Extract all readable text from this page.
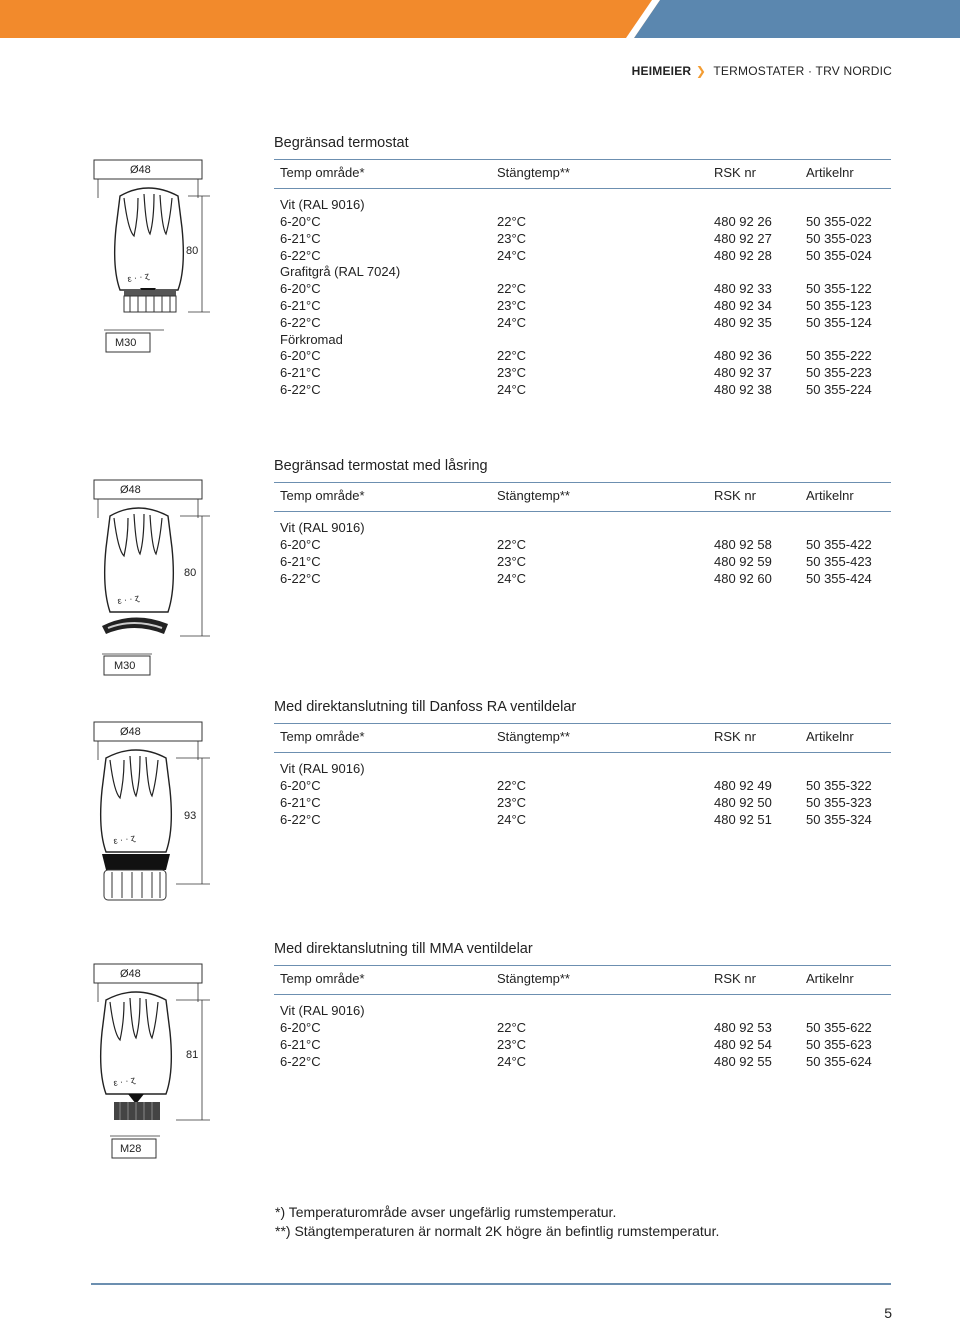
HEIMEIER ❯ TERMOSTATER · TRV NORDIC
Ø48
ε · · ɀ
80
M30
Begränsad termostat
Temp område*	Stängtemp**	RSK nr	Artikelnr

Vit (RAL 9016)			
6-20°C	22°C	480 92 26	50 355-022
6-21°C	23°C	480 92 27	50 355-023
6-22°C	24°C	480 92 28	50 355-024
Grafitgrå (RAL 7024)			
6-20°C	22°C	480 92 33	50 355-122
6-21°C	23°C	480 92 34	50 355-123
6-22°C	24°C	480 92 35	50 355-124
Förkromad			
6-20°C	22°C	480 92 36	50 355-222
6-21°C	23°C	480 92 37	50 355-223
6-22°C	24°C	480 92 38	50 355-224
Ø48
ε · · ɀ
80
M30
Begränsad termostat med låsring
Temp område*	Stängtemp**	RSK nr	Artikelnr

Vit (RAL 9016)			
6-20°C	22°C	480 92 58	50 355-422
6-21°C	23°C	480 92 59	50 355-423
6-22°C	24°C	480 92 60	50 355-424
Ø48
ε · · ɀ
93
Med direktanslutning till Danfoss RA ventildelar
Temp område*	Stängtemp**	RSK nr	Artikelnr

Vit (RAL 9016)			
6-20°C	22°C	480 92 49	50 355-322
6-21°C	23°C	480 92 50	50 355-323
6-22°C	24°C	480 92 51	50 355-324
Ø48
ε · · ɀ
81
M28
Med direktanslutning till MMA ventildelar
Temp område*	Stängtemp**	RSK nr	Artikelnr

Vit (RAL 9016)			
6-20°C	22°C	480 92 53	50 355-622
6-21°C	23°C	480 92 54	50 355-623
6-22°C	24°C	480 92 55	50 355-624
*) Temperaturområde avser ungefärlig rumstemperatur.
**) Stängtemperaturen är normalt 2K högre än befintlig rumstemperatur.
5
